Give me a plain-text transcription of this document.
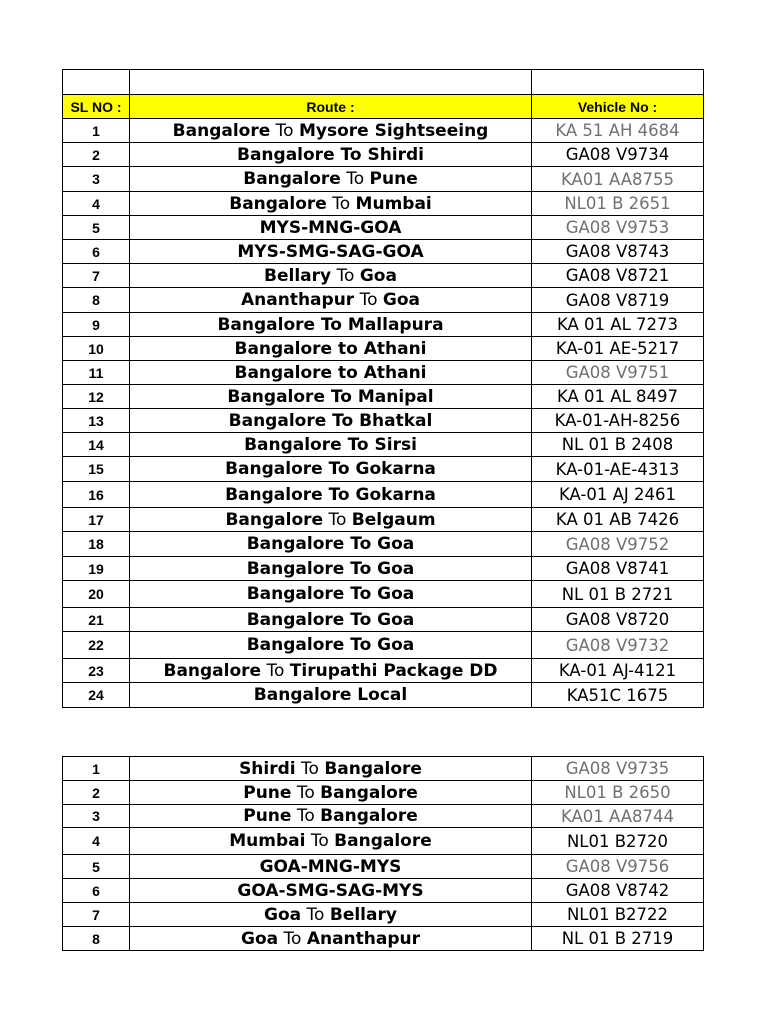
SL NO :	Route :	Vehicle No :
1	Bangalore To Mysore Sightseeing	KA 51 AH 4684
2	Bangalore To Shirdi	GA08 V9734
3	Bangalore To Pune	KA01 AA8755
4	Bangalore To Mumbai	NL01 B 2651
5	MYS-MNG-GOA	GA08 V9753
6	MYS-SMG-SAG-GOA	GA08 V8743
7	Bellary To Goa	GA08 V8721
8	Ananthapur To Goa	GA08 V8719
9	Bangalore To Mallapura	KA 01 AL 7273
10	Bangalore to Athani	KA-01 AE-5217
11	Bangalore to Athani	GA08 V9751
12	Bangalore To Manipal	KA 01 AL 8497
13	Bangalore To Bhatkal	KA-01-AH-8256
14	Bangalore To Sirsi	NL 01 B 2408
15	Bangalore To Gokarna	KA-01-AE-4313
16	Bangalore To Gokarna	KA-01 AJ 2461
17	Bangalore To Belgaum	KA 01 AB 7426
18	Bangalore To Goa	GA08 V9752
19	Bangalore To Goa	GA08 V8741
20	Bangalore To Goa	NL 01 B 2721
21	Bangalore To Goa	GA08 V8720
22	Bangalore To Goa	GA08 V9732
23	Bangalore To Tirupathi Package DD	KA-01 AJ-4121
24	Bangalore Local	KA51C 1675
1	Shirdi To Bangalore	GA08 V9735
2	Pune To Bangalore	NL01 B 2650
3	Pune To Bangalore	KA01 AA8744
4	Mumbai To Bangalore	NL01 B2720
5	GOA-MNG-MYS	GA08 V9756
6	GOA-SMG-SAG-MYS	GA08 V8742
7	Goa To Bellary	NL01 B2722
8	Goa To Ananthapur	NL 01 B 2719
